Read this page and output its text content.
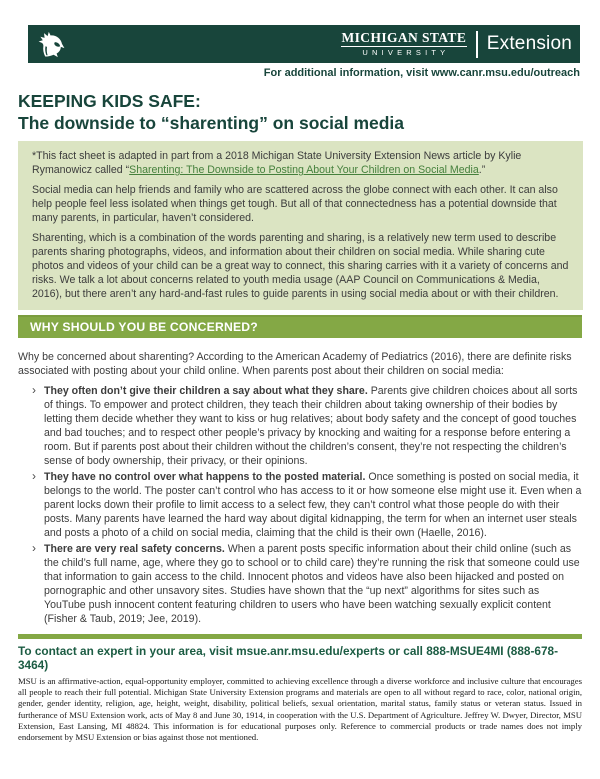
MICHIGAN STATE
UNIVERSITY	Extension
For additional information, visit www.canr.msu.edu/outreach
KEEPING KIDS SAFE:
The downside to “sharenting” on social media

*This fact sheet is adapted in part from a 2018 Michigan State University Extension News article by Kylie Rymanowicz called “Sharenting: The Downside to Posting About Your Children on Social Media.”

Social media can help friends and family who are scattered across the globe connect with each other. It can also help people feel less isolated when things get tough. But all of that connectedness has a potential downside that many parents, in particular, haven’t considered.

Sharenting, which is a combination of the words parenting and sharing, is a relatively new term used to describe parents sharing photographs, videos, and information about their children on social media. While sharing cute photos and videos of your child can be a great way to connect, this sharing carries with it a variety of concerns and risks. We talk a lot about concerns related to youth media usage (AAP Council on Communications & Media, 2016), but there aren’t any hard-and-fast rules to guide parents in using social media about or with their children.

WHY SHOULD YOU BE CONCERNED?

Why be concerned about sharenting? According to the American Academy of Pediatrics (2016), there are definite risks associated with posting about your child online. When parents post about their children on social media:

› They often don’t give their children a say about what they share. Parents give children choices about all sorts of things. To empower and protect children, they teach their children about taking ownership of their bodies by letting them decide whether they want to kiss or hug relatives; about body safety and the concept of good touches and bad touches; and to respect other people’s privacy by knocking and waiting for a response before entering a room. But if parents post about their children without the children’s consent, they’re not respecting the children’s sense of body ownership, their privacy, or their opinions.
› They have no control over what happens to the posted material. Once something is posted on social media, it belongs to the world. The poster can’t control who has access to it or how someone else might use it. Even when a parent locks down their profile to limit access to a select few, they can’t control what those people do with their posts. Many parents have learned the hard way about digital kidnapping, the term for when an internet user steals and posts a photo of a child on social media, claiming that the child is their own (Haelle, 2016).
› There are very real safety concerns. When a parent posts specific information about their child online (such as the child’s full name, age, where they go to school or to child care) they’re running the risk that someone could use that information to gain access to the child. Innocent photos and videos have also been hijacked and posted on pornographic and other unsavory sites. Studies have shown that the “up next” algorithms for sites such as YouTube push innocent content featuring children to users who have been watching sexually explicit content (Fisher & Taub, 2019; Jee, 2019).

To contact an expert in your area, visit msue.anr.msu.edu/experts or call 888-MSUE4MI (888-678-3464)

MSU is an affirmative-action, equal-opportunity employer, committed to achieving excellence through a diverse workforce and inclusive culture that encourages all people to reach their full potential. Michigan State University Extension programs and materials are open to all without regard to race, color, national origin, gender, gender identity, religion, age, height, weight, disability, political beliefs, sexual orientation, marital status, family status or veteran status. Issued in furtherance of MSU Extension work, acts of May 8 and June 30, 1914, in cooperation with the U.S. Department of Agriculture. Jeffrey W. Dwyer, Director, MSU Extension, East Lansing, MI 48824. This information is for educational purposes only. Reference to commercial products or trade names does not imply endorsement by MSU Extension or bias against those not mentioned.
